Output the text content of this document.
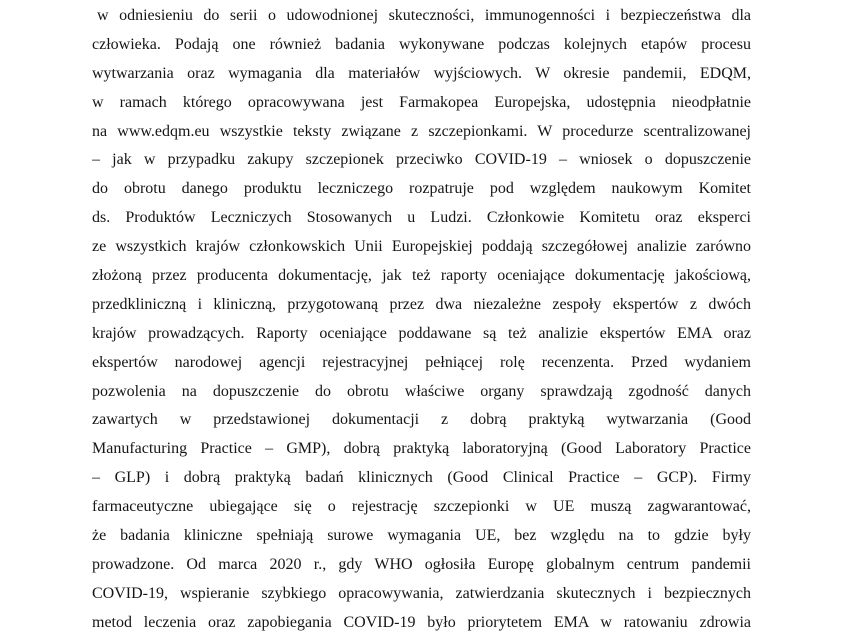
w odniesieniu do serii o udowodnionej skuteczności, immunogenności i bezpieczeństwa dla
człowieka. Podają one również badania wykonywane podczas kolejnych etapów procesu
wytwarzania oraz wymagania dla materiałów wyjściowych. W okresie pandemii, EDQM,
w ramach którego opracowywana jest Farmakopea Europejska, udostępnia nieodpłatnie
na www.edqm.eu wszystkie teksty związane z szczepionkami. W procedurze scentralizowanej
– jak w przypadku zakupy szczepionek przeciwko COVID-19 – wniosek o dopuszczenie
do obrotu danego produktu leczniczego rozpatruje pod względem naukowym Komitet
ds. Produktów Leczniczych Stosowanych u Ludzi. Członkowie Komitetu oraz eksperci
ze wszystkich krajów członkowskich Unii Europejskiej poddają szczegółowej analizie zarówno
złożoną przez producenta dokumentację, jak też raporty oceniające dokumentację jakościową,
przedkliniczną i kliniczną, przygotowaną przez dwa niezależne zespoły ekspertów z dwóch
krajów prowadzących. Raporty oceniające poddawane są też analizie ekspertów EMA oraz
ekspertów narodowej agencji rejestracyjnej pełniącej rolę recenzenta. Przed wydaniem
pozwolenia na dopuszczenie do obrotu właściwe organy sprawdzają zgodność danych
zawartych w przedstawionej dokumentacji z dobrą praktyką wytwarzania (Good
Manufacturing Practice – GMP), dobrą praktyką laboratoryjną (Good Laboratory Practice
– GLP) i dobrą praktyką badań klinicznych (Good Clinical Practice – GCP). Firmy
farmaceutyczne ubiegające się o rejestrację szczepionki w UE muszą zagwarantować,
że badania kliniczne spełniają surowe wymagania UE, bez względu na to gdzie były
prowadzone. Od marca 2020 r., gdy WHO ogłosiła Europę globalnym centrum pandemii
COVID-19, wspieranie szybkiego opracowywania, zatwierdzania skutecznych i bezpiecznych
metod leczenia oraz zapobiegania COVID-19 było priorytetem EMA w ratowaniu zdrowia
